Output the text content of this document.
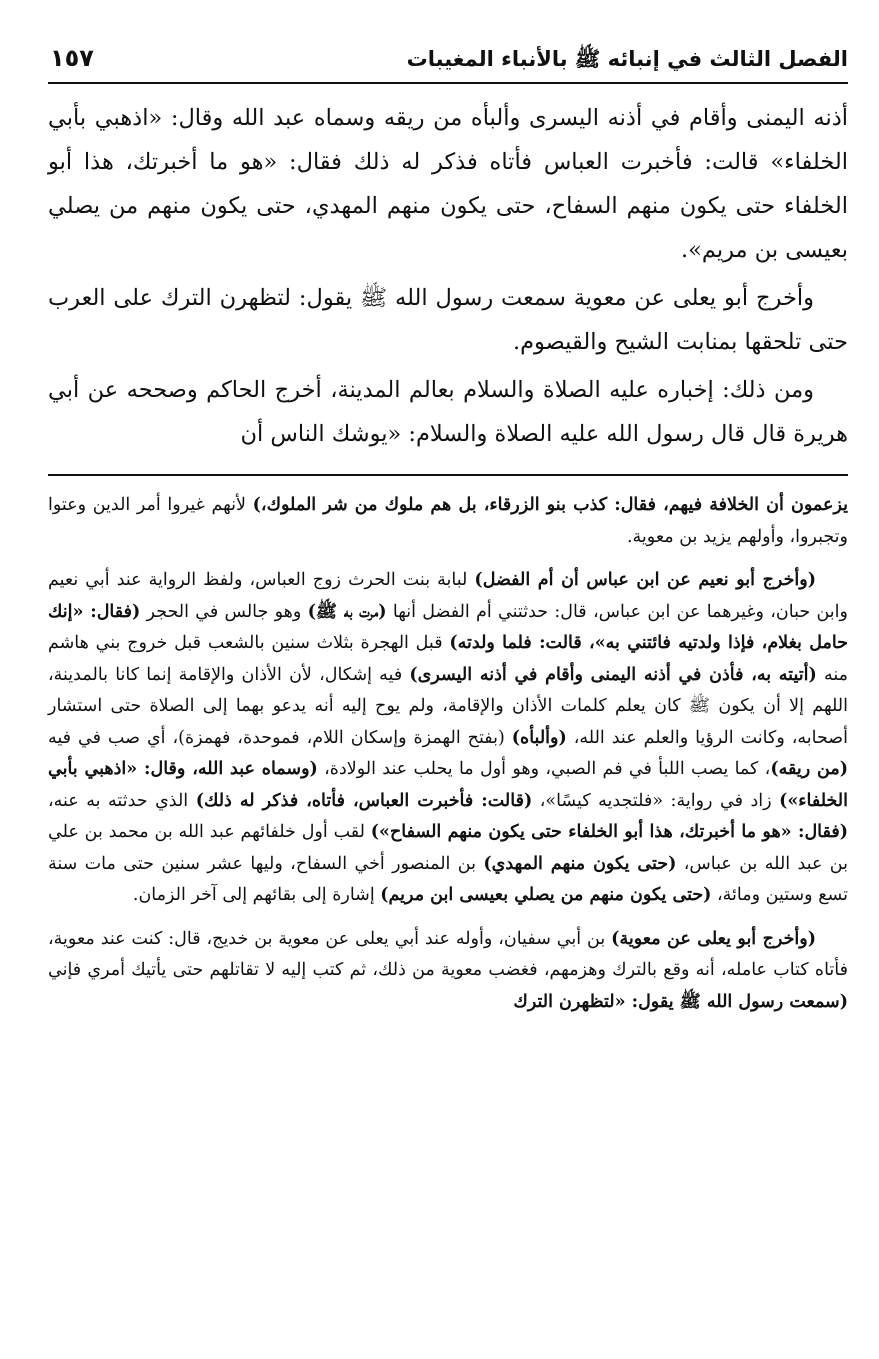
الفصل الثالث في إنبائه ﷺ بالأنباء المغيبات
١٥٧

أذنه اليمنى وأقام في أذنه اليسرى وألبأه من ريقه وسماه عبد الله وقال: «اذهبي بأبي الخلفاء» قالت: فأخبرت العباس فأتاه فذكر له ذلك فقال: «هو ما أخبرتك، هذا أبو الخلفاء حتى يكون منهم السفاح، حتى يكون منهم المهدي، حتى يكون منهم من يصلي بعيسى بن مريم».

وأخرج أبو يعلى عن معوية سمعت رسول الله ﷺ يقول: لتظهرن الترك على العرب حتى تلحقها بمنابت الشيح والقيصوم.

ومن ذلك: إخباره عليه الصلاة والسلام بعالم المدينة، أخرج الحاكم وصححه عن أبي هريرة قال قال رسول الله عليه الصلاة والسلام: «يوشك الناس أن

يزعمون أن الخلافة فيهم، فقال: كذب بنو الزرقاء، بل هم ملوك من شر الملوك،) لأنهم غيروا أمر الدين وعتوا وتجبروا، وأولهم يزيد بن معوية.

(وأخرج أبو نعيم عن ابن عباس أن أم الفضل) لبابة بنت الحرث زوج العباس، ولفظ الرواية عند أبي نعيم وابن حبان، وغيرهما عن ابن عباس، قال: حدثتني أم الفضل أنها (مرت به ﷺ) وهو جالس في الحجر (فقال: «إنك حامل بغلام، فإذا ولدتيه فائتني به»، قالت: فلما ولدته) قبل الهجرة بثلاث سنين بالشعب قبل خروج بني هاشم منه (أتيته به، فأذن في أذنه اليمنى وأقام في أذنه اليسرى) فيه إشكال، لأن الأذان والإقامة إنما كانا بالمدينة، اللهم إلا أن يكون ﷺ كان يعلم كلمات الأذان والإقامة، ولم يوح إليه أنه يدعو بهما إلى الصلاة حتى استشار أصحابه، وكانت الرؤيا والعلم عند الله، (وألبأه) (بفتح الهمزة وإسكان اللام، فموحدة، فهمزة)، أي صب في فيه (من ريقه)، كما يصب اللبأ في فم الصبي، وهو أول ما يحلب عند الولادة، (وسماه عبد الله، وقال: «اذهبي بأبي الخلفاء») زاد في رواية: «فلتجديه كيسًا»، (قالت: فأخبرت العباس، فأتاه، فذكر له ذلك) الذي حدثته به عنه، (فقال: «هو ما أخبرتك، هذا أبو الخلفاء حتى يكون منهم السفاح») لقب أول خلفائهم عبد الله بن محمد بن علي بن عبد الله بن عباس، (حتى يكون منهم المهدي) بن المنصور أخي السفاح، وليها عشر سنين حتى مات سنة تسع وستين ومائة، (حتى يكون منهم من يصلي بعيسى ابن مريم) إشارة إلى بقائهم إلى آخر الزمان.

(وأخرج أبو يعلى عن معوية) بن أبي سفيان، وأوله عند أبي يعلى عن معوية بن خديج، قال: كنت عند معوية، فأتاه كتاب عامله، أنه وقع بالترك وهزمهم، فغضب معوية من ذلك، ثم كتب إليه لا تقاتلهم حتى يأتيك أمري فإني (سمعت رسول الله ﷺ يقول: «لتظهرن الترك
